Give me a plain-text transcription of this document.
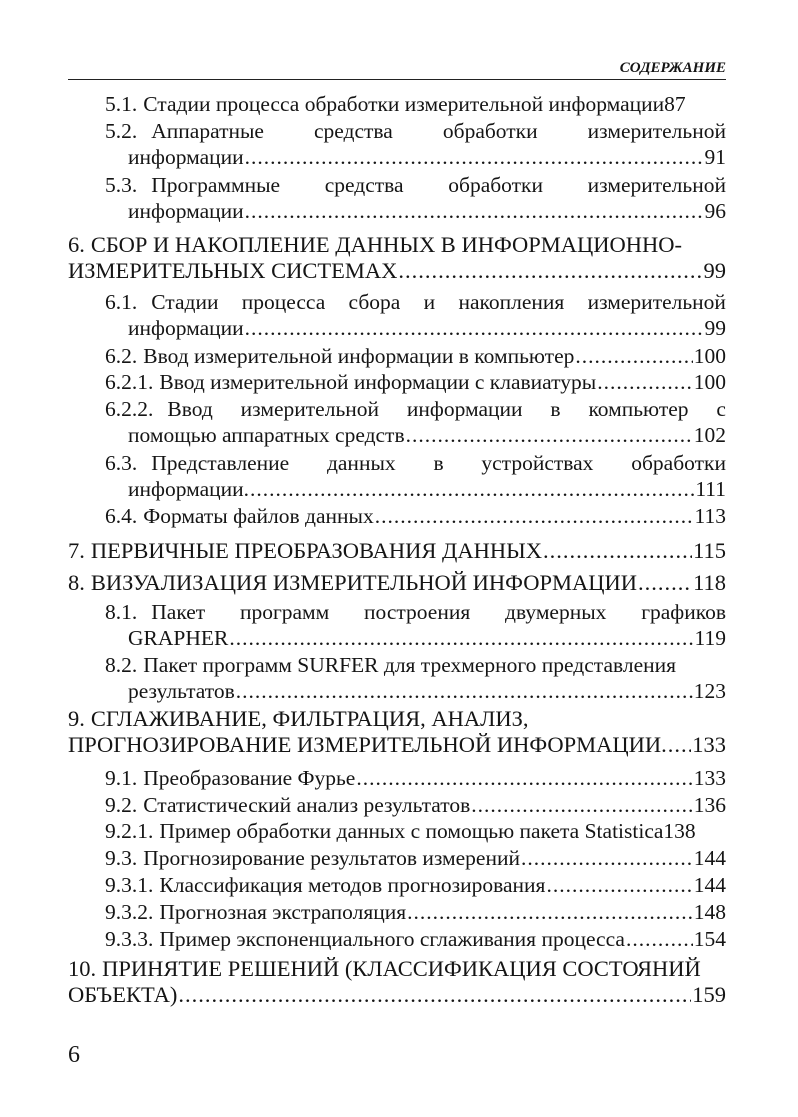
СОДЕРЖАНИЕ
5.1. Стадии процесса обработки измерительной информации 87
5.2. Аппаратные средства обработки измерительной
информации .....	91
5.3. Программные средства обработки измерительной
информации .....	96
6. СБОР И НАКОПЛЕНИЕ ДАННЫХ В ИНФОРМАЦИОННО-
ИЗМЕРИТЕЛЬНЫХ СИСТЕМАХ .....	99
6.1. Стадии процесса сбора и накопления измерительной
информации .....	99
6.2. Ввод измерительной информации в компьютер .....	100
6.2.1. Ввод измерительной информации с клавиатуры .....	100
6.2.2. Ввод измерительной информации в компьютер с
помощью аппаратных средств .....	102
6.3. Представление данных в устройствах обработки
информации. .....	111
6.4. Форматы файлов данных .....	113
7. ПЕРВИЧНЫЕ ПРЕОБРАЗОВАНИЯ ДАННЫХ .....	115
8. ВИЗУАЛИЗАЦИЯ ИЗМЕРИТЕЛЬНОЙ ИНФОРМАЦИИ ..... 118
8.1. Пакет программ построения двумерных графиков
GRAPHER .....	119
8.2. Пакет программ SURFER для трехмерного представления
результатов .....	123
9. СГЛАЖИВАНИЕ, ФИЛЬТРАЦИЯ, АНАЛИЗ,
ПРОГНОЗИРОВАНИЕ ИЗМЕРИТЕЛЬНОЙ ИНФОРМАЦИИ. ..... 133
9.1. Преобразование Фурье .....	133
9.2. Статистический анализ результатов .....	136
9.2.1. Пример обработки данных с помощью пакета Statistica 138
9.3. Прогнозирование результатов измерений .....	144
9.3.1. Классификация методов прогнозирования .....	144
9.3.2. Прогнозная экстраполяция .....	148
9.3.3. Пример экспоненциального сглаживания процесса .....	154
10. ПРИНЯТИЕ РЕШЕНИЙ (КЛАССИФИКАЦИЯ СОСТОЯНИЙ
ОБЪЕКТА) .....	159
6
